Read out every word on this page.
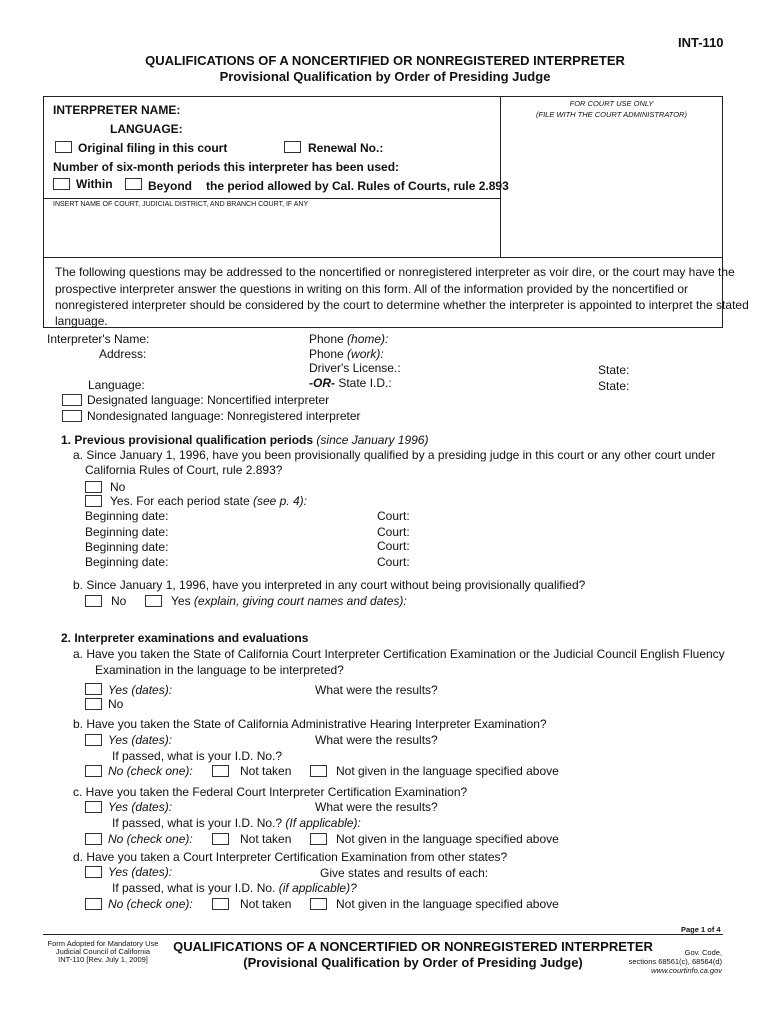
INT-110
QUALIFICATIONS OF A NONCERTIFIED OR NONREGISTERED INTERPRETER
Provisional Qualification by Order of Presiding Judge
INTERPRETER NAME:
LANGUAGE:
Original filing in this court	Renewal No.:
Number of six-month periods this interpreter has been used:
Within	Beyond the period allowed by Cal. Rules of Courts, rule 2.893
FOR COURT USE ONLY
(FILE WITH THE COURT ADMINISTRATOR)
INSERT NAME OF COURT, JUDICIAL DISTRICT, AND BRANCH COURT, IF ANY
The following questions may be addressed to the noncertified or nonregistered interpreter as voir dire, or the court may have the
prospective interpreter answer the questions in writing on this form. All of the information provided by the noncertified or
nonregistered interpreter should be considered by the court to determine whether the interpreter is appointed to interpret the stated
language.
Interpreter's Name:
Address:
Phone (home):
Phone (work):
Driver's License.:	State:
-OR- State I.D.:	State:
Language:
Designated language: Noncertified interpreter
Nondesignated language: Nonregistered interpreter
1. Previous provisional qualification periods (since January 1996)
a. Since January 1, 1996, have you been provisionally qualified by a presiding judge in this court or any other court under
California Rules of Court, rule 2.893?
No
Yes. For each period state (see p. 4):
Beginning date:	Court:
Beginning date:	Court:
Beginning date:	Court:
Beginning date:	Court:
b. Since January 1, 1996, have you interpreted in any court without being provisionally qualified?
No	Yes (explain, giving court names and dates):
2. Interpreter examinations and evaluations
a. Have you taken the State of California Court Interpreter Certification Examination or the Judicial Council English Fluency
Examination in the language to be interpreted?
Yes (dates):	What were the results?
No
b. Have you taken the State of California Administrative Hearing Interpreter Examination?
Yes (dates):	What were the results?
If passed, what is your I.D. No.?
No (check one):	Not taken	Not given in the language specified above
c. Have you taken the Federal Court Interpreter Certification Examination?
Yes (dates):	What were the results?
If passed, what is your I.D. No.? (If applicable):
No (check one):	Not taken	Not given in the language specified above
d. Have you taken a Court Interpreter Certification Examination from other states?
Yes (dates):	Give states and results of each:
If passed, what is your I.D. No. (if applicable)?
No (check one):	Not taken	Not given in the language specified above
Page 1 of 4
Form Adopted for Mandatory Use
Judicial Council of California
INT-110 [Rev. July 1, 2009]
QUALIFICATIONS OF A NONCERTIFIED OR NONREGISTERED INTERPRETER
(Provisional Qualification by Order of Presiding Judge)
Gov. Code,
sections 68561(c), 68564(d)
www.courtinfo.ca.gov
